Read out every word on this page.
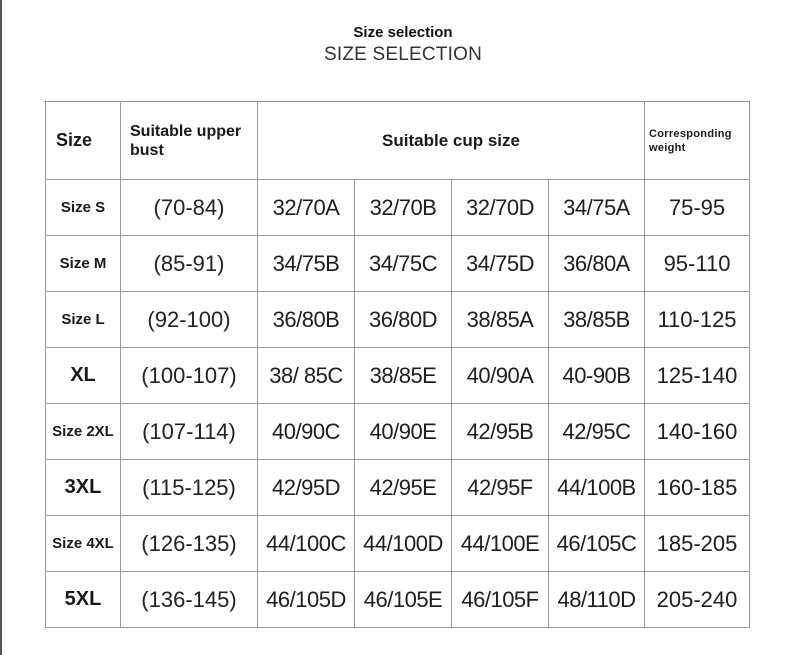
Size selection
SIZE SELECTION
Size	Suitable upper bust	Suitable cup size				Corresponding weight
Size S	(70-84)	32/70A	32/70B	32/70D	34/75A	75-95
Size M	(85-91)	34/75B	34/75C	34/75D	36/80A	95-110
Size L	(92-100)	36/80B	36/80D	38/85A	38/85B	110-125
XL	(100-107)	38/ 85C	38/85E	40/90A	40-90B	125-140
Size 2XL	(107-114)	40/90C	40/90E	42/95B	42/95C	140-160
3XL	(115-125)	42/95D	42/95E	42/95F	44/100B	160-185
Size 4XL	(126-135)	44/100C	44/100D	44/100E	46/105C	185-205
5XL	(136-145)	46/105D	46/105E	46/105F	48/110D	205-240
